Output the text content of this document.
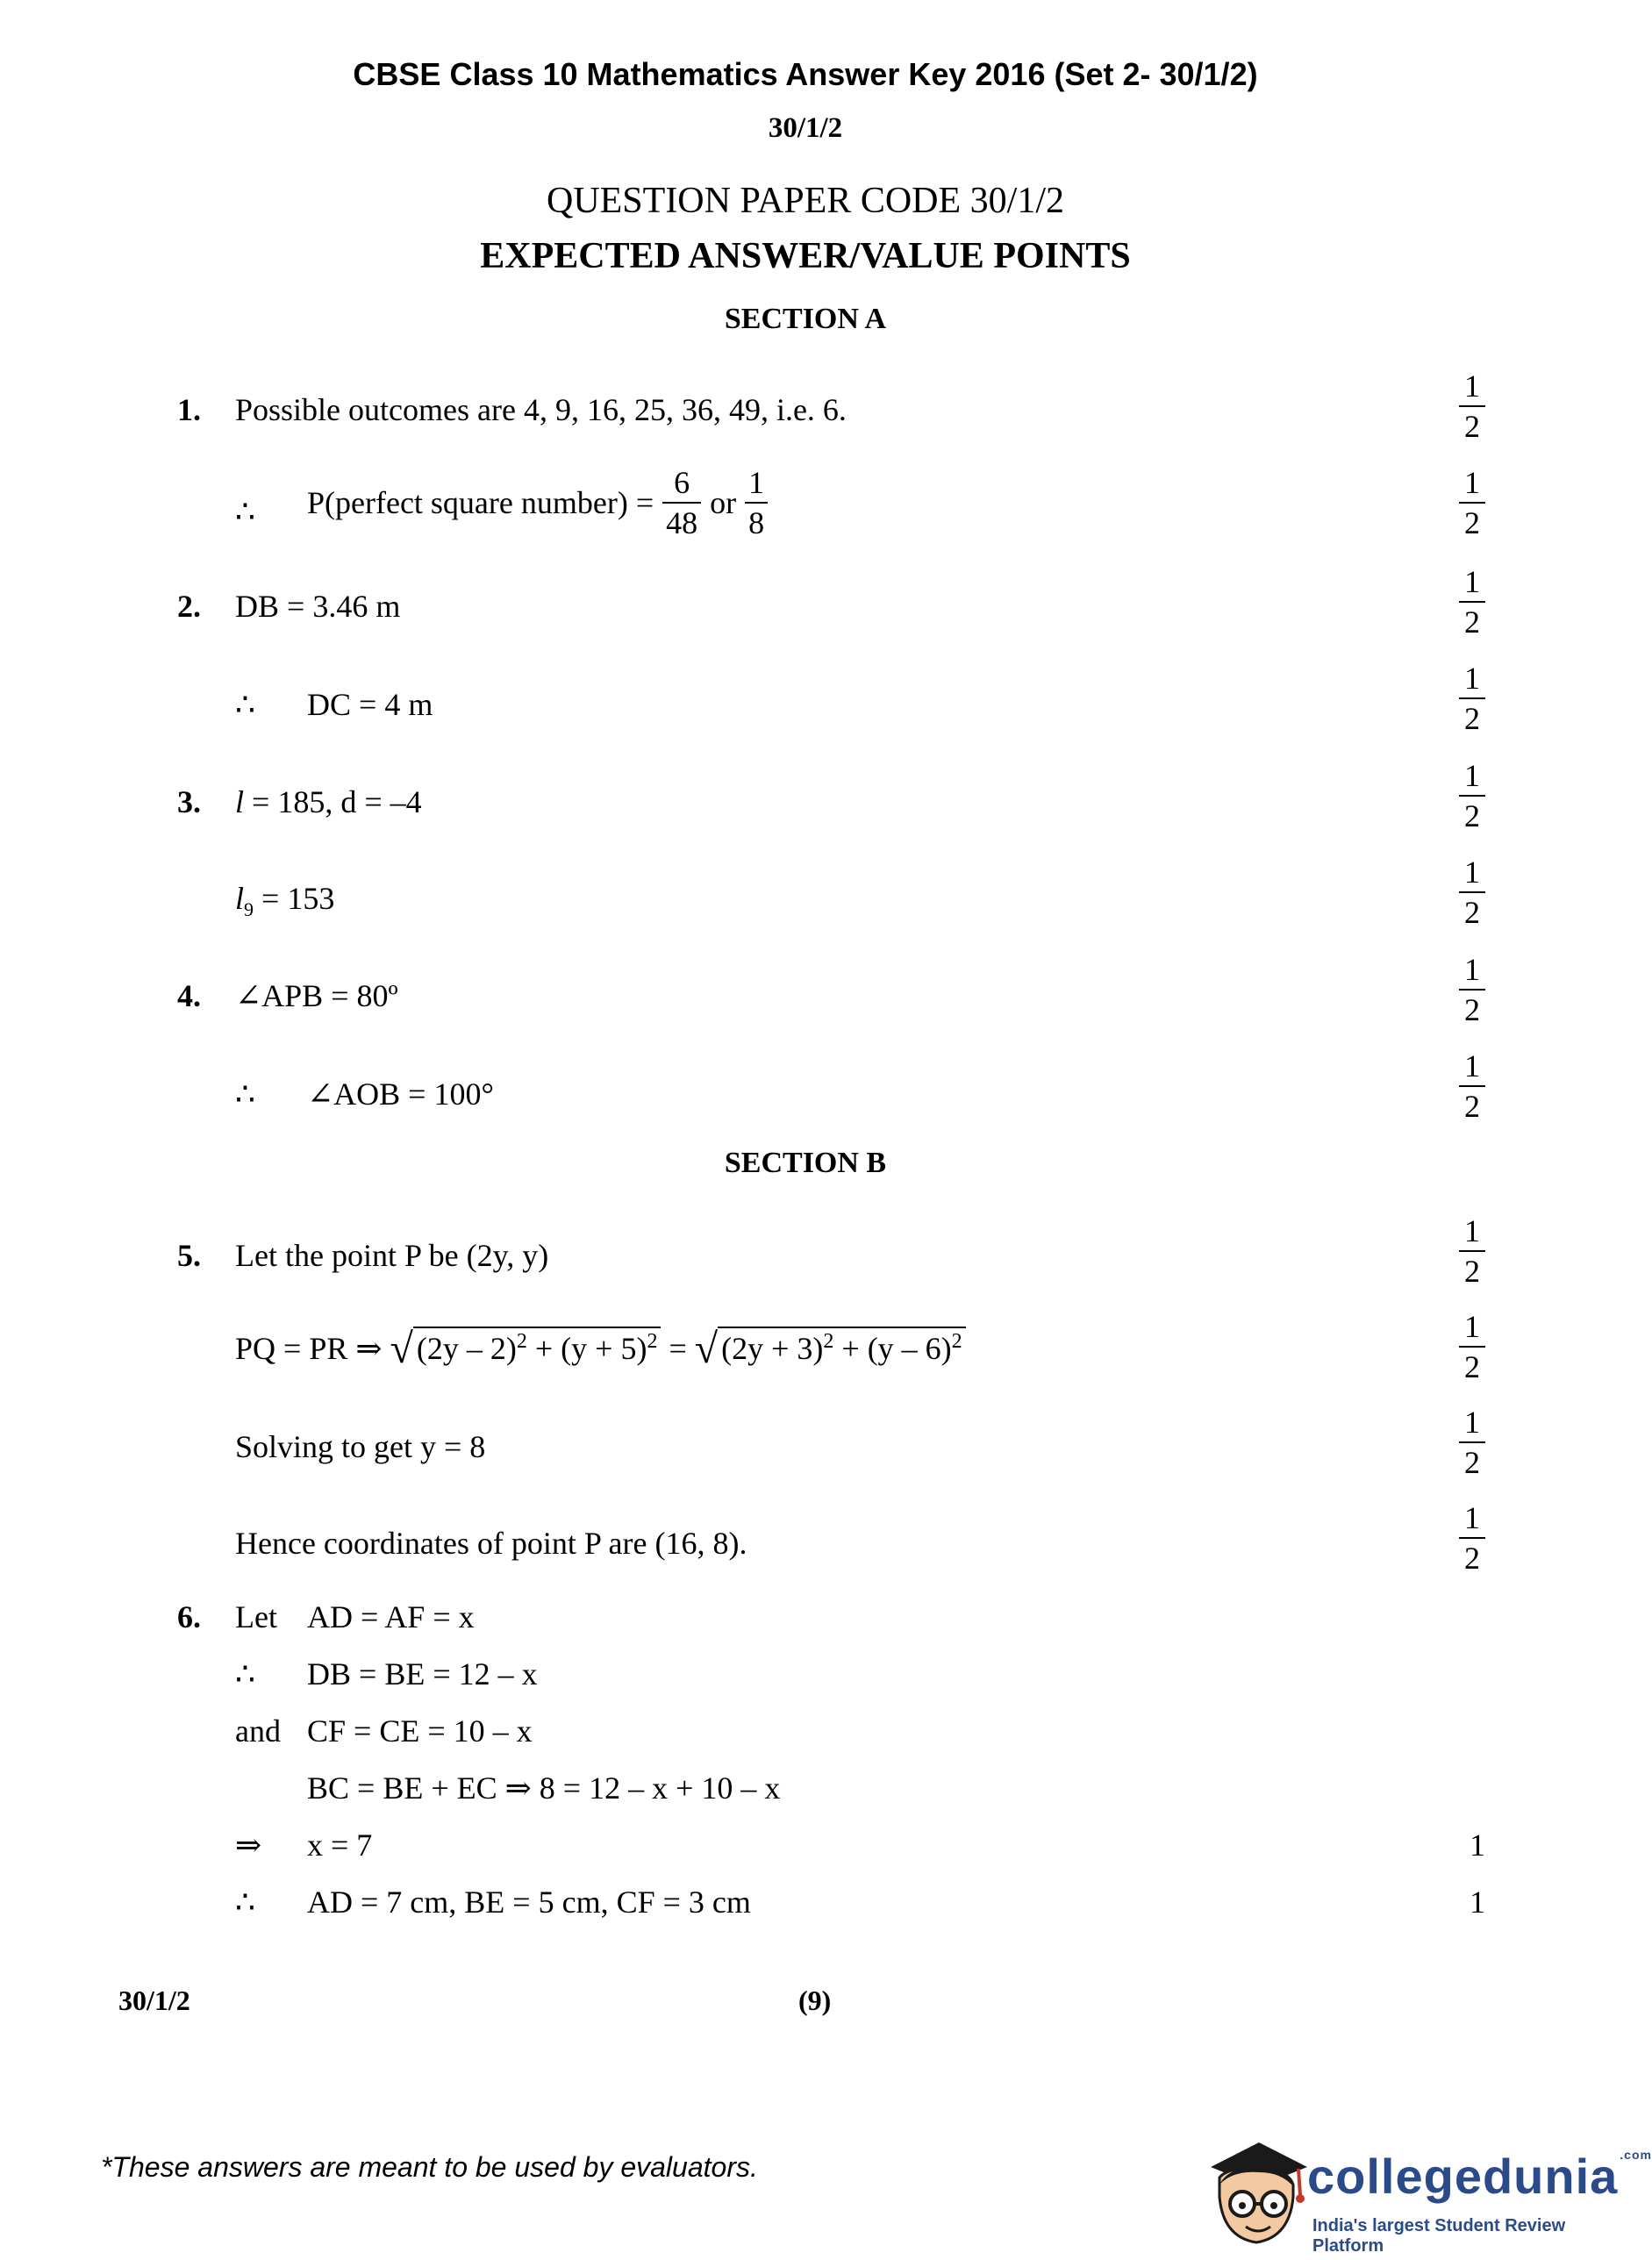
CBSE Class 10 Mathematics Answer Key 2016 (Set 2- 30/1/2)
30/1/2
QUESTION PAPER CODE 30/1/2
EXPECTED ANSWER/VALUE POINTS
SECTION A
1. Possible outcomes are 4, 9, 16, 25, 36, 49, i.e. 6.	$\frac{1}{2}$
∴ P(perfect square number) = $\frac{6}{48}$ or $\frac{1}{8}$	$\frac{1}{2}$
2. DB = 3.46 m	$\frac{1}{2}$
∴ DC = 4 m	$\frac{1}{2}$
3. l = 185, d = –4	$\frac{1}{2}$
$l_9 = 153$	$\frac{1}{2}$
4. ∠APB = 80º	$\frac{1}{2}$
∴ ∠AOB = 100°	$\frac{1}{2}$
SECTION B
5. Let the point P be (2y, y)	$\frac{1}{2}$
PQ = PR ⇒ √ $(2y - 2)^2 + (y + 5)^2$ = √ $(2y + 3)^2 + (y - 6)^2$	$\frac{1}{2}$
Solving to get y = 8	$\frac{1}{2}$
Hence coordinates of point P are (16, 8).	$\frac{1}{2}$
6. Let AD = AF = x
∴ DB = BE = 12 – x
and CF = CE = 10 – x
BC = BE + EC ⇒ 8 = 12 – x + 10 – x
⇒ x = 7	1
∴ AD = 7 cm, BE = 5 cm, CF = 3 cm	1
30/1/2	(9)
*These answers are meant to be used by evaluators.	collegedunia $^{.com}$
India's largest Student Review Platform
